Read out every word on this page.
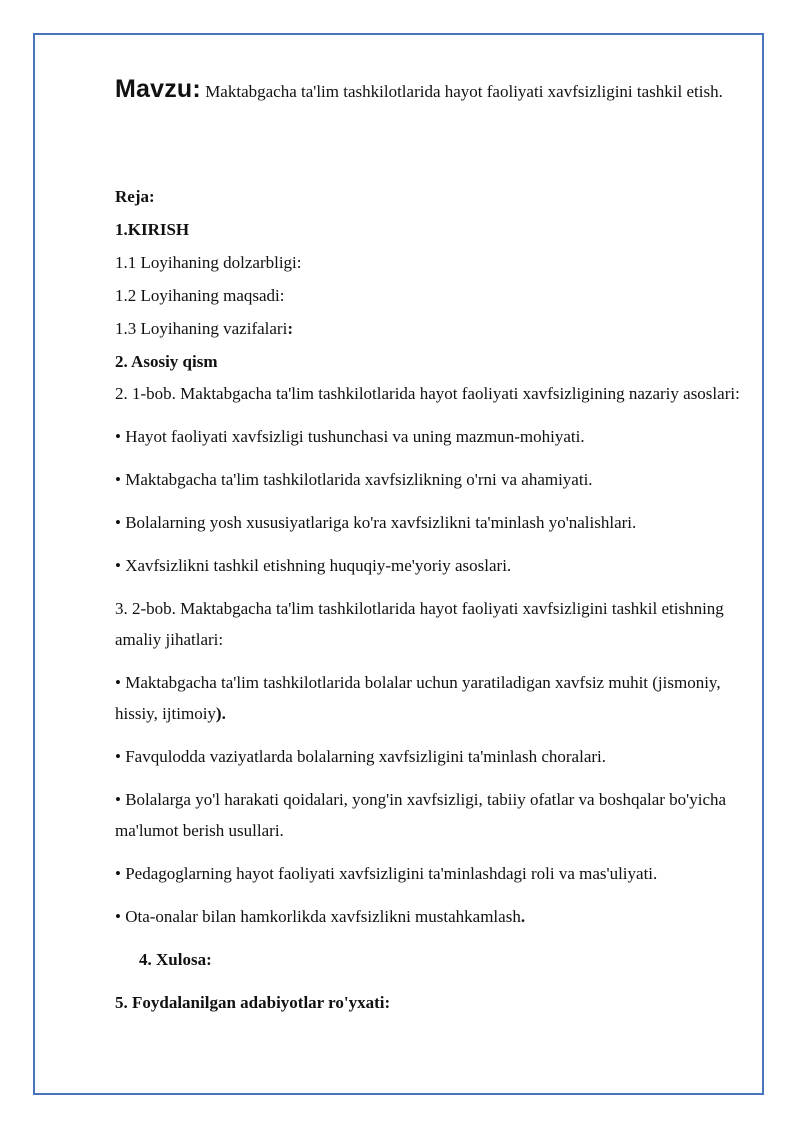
Mavzu: Maktabgacha ta'lim tashkilotlarida hayot faoliyati xavfsizligini tashkil etish.

Reja:

1.KIRISH

1.1 Loyihaning dolzarbligi:

1.2 Loyihaning maqsadi:

1.3 Loyihaning vazifalari:

2. Asosiy qism

2. 1-bob. Maktabgacha ta'lim tashkilotlarida hayot faoliyati xavfsizligining nazariy asoslari:

• Hayot faoliyati xavfsizligi tushunchasi va uning mazmun-mohiyati.

• Maktabgacha ta'lim tashkilotlarida xavfsizlikning o'rni va ahamiyati.

• Bolalarning yosh xususiyatlariga ko'ra xavfsizlikni ta'minlash yo'nalishlari.

• Xavfsizlikni tashkil etishning huquqiy-me'yoriy asoslari.

3. 2-bob. Maktabgacha ta'lim tashkilotlarida hayot faoliyati xavfsizligini tashkil etishning amaliy jihatlari:

• Maktabgacha ta'lim tashkilotlarida bolalar uchun yaratiladigan xavfsiz muhit (jismoniy, hissiy, ijtimoiy).

• Favqulodda vaziyatlarda bolalarning xavfsizligini ta'minlash choralari.

• Bolalarga yo'l harakati qoidalari, yong'in xavfsizligi, tabiiy ofatlar va boshqalar bo'yicha ma'lumot berish usullari.

• Pedagoglarning hayot faoliyati xavfsizligini ta'minlashdagi roli va mas'uliyati.

• Ota-onalar bilan hamkorlikda xavfsizlikni mustahkamlash.

4. Xulosa:

5. Foydalanilgan adabiyotlar ro'yxati:
